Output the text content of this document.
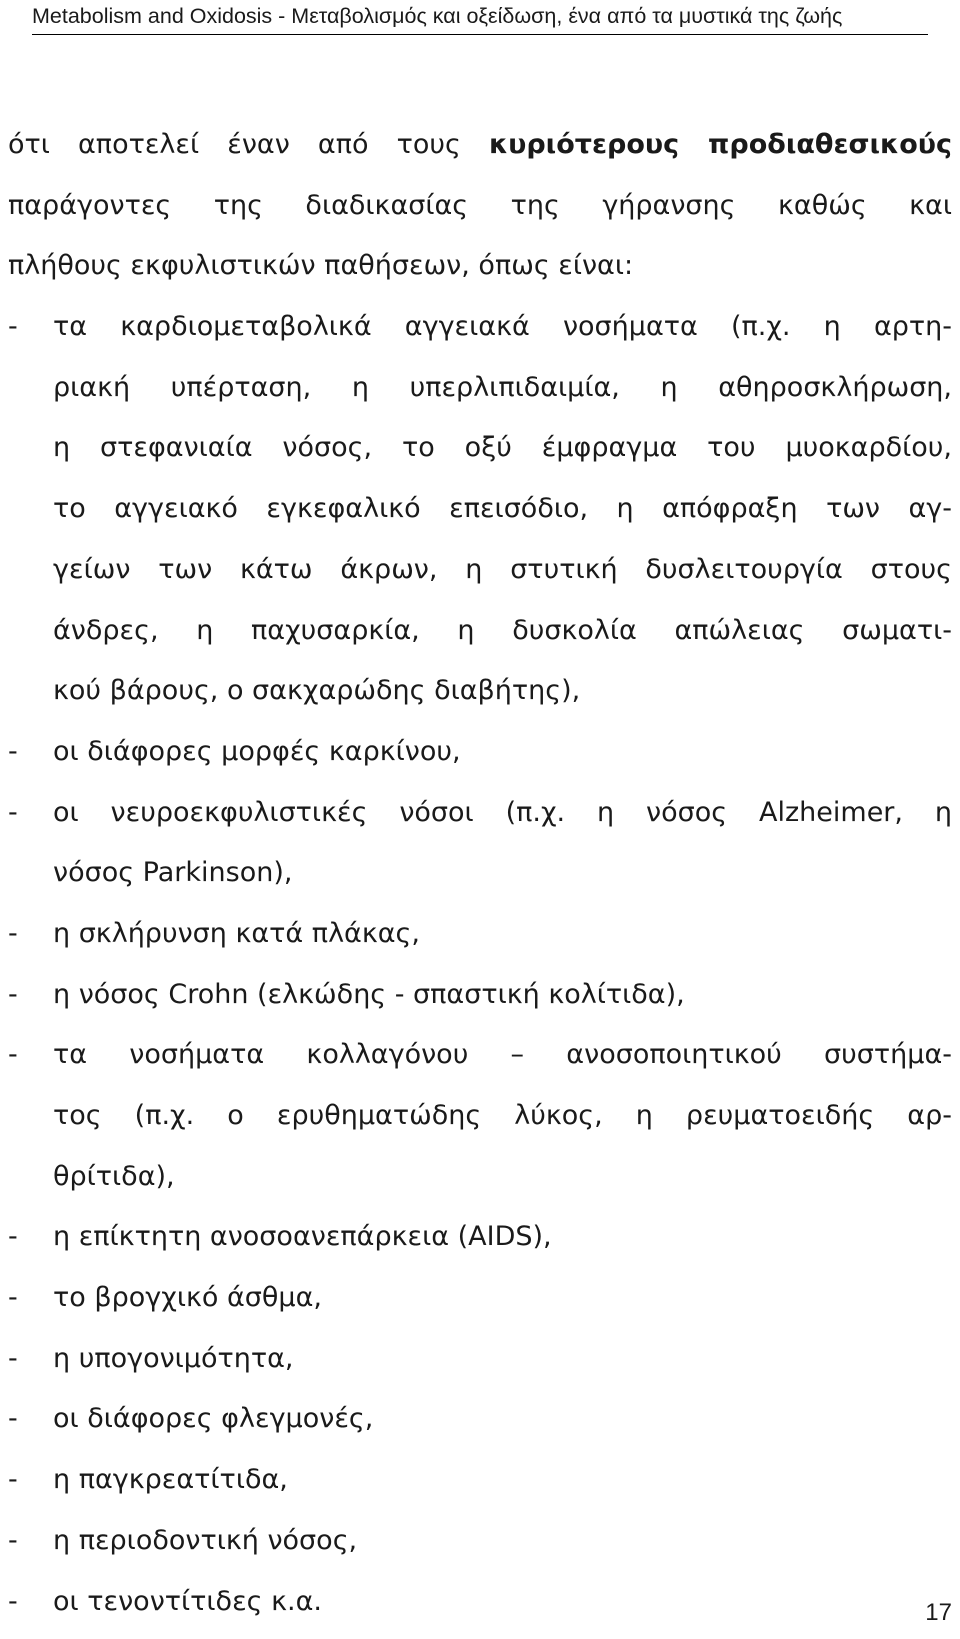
Metabolism and Oxidosis - Μεταβολισμός και οξείδωση, ένα από τα μυστικά της ζωής
ότι αποτελεί έναν από τους κυριότερους προδιαθεσικούς
παράγοντες της διαδικασίας της γήρανσης καθώς και
πλήθους εκφυλιστικών παθήσεων, όπως είναι:
-	τα καρδιομεταβολικά αγγειακά νοσήματα (π.χ. η αρτη-
ριακή υπέρταση, η υπερλιπιδαιμία, η αθηροσκλήρωση,
η στεφανιαία νόσος, το οξύ έμφραγμα του μυοκαρδίου,
το αγγειακό εγκεφαλικό επεισόδιο, η απόφραξη των αγ-
γείων των κάτω άκρων, η στυτική δυσλειτουργία στους
άνδρες, η παχυσαρκία, η δυσκολία απώλειας σωματι-
κού βάρους, ο σακχαρώδης διαβήτης),
-	οι διάφορες μορφές καρκίνου,
-	οι νευροεκφυλιστικές νόσοι (π.χ. η νόσος Alzheimer, η
νόσος Parkinson),
-	η σκλήρυνση κατά πλάκας,
-	η νόσος Crohn (ελκώδης - σπαστική κολίτιδα),
-	τα νοσήματα κολλαγόνου – ανοσοποιητικού συστήμα-
τος (π.χ. ο ερυθηματώδης λύκος, η ρευματοειδής αρ-
θρίτιδα),
-	η επίκτητη ανοσοανεπάρκεια (AIDS),
-	το βρογχικό άσθμα,
-	η υπογονιμότητα,
-	οι διάφορες φλεγμονές,
-	η παγκρεατίτιδα,
-	η περιοδοντική νόσος,
-	οι τενοντίτιδες κ.α.	17
